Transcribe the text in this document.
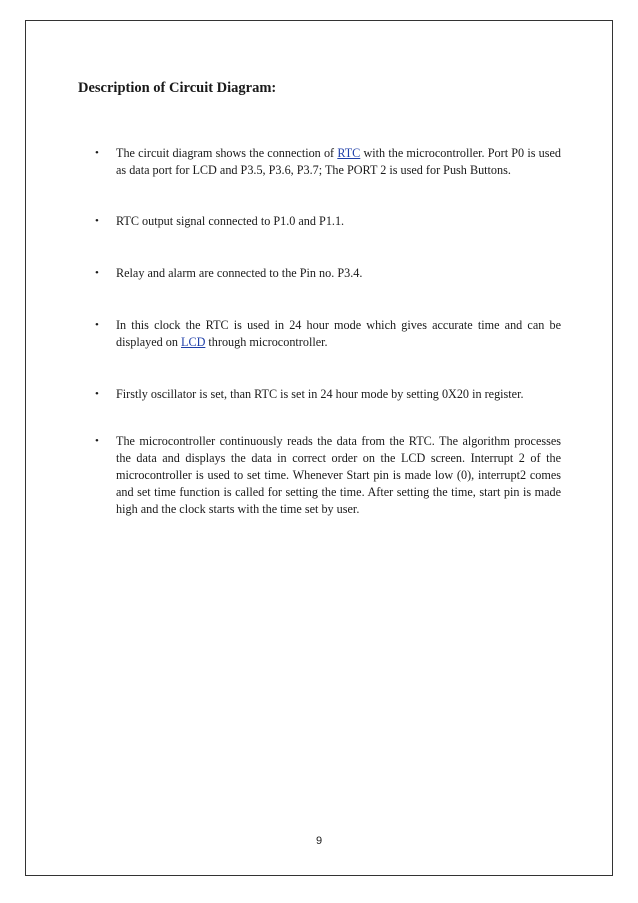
Description of Circuit Diagram:
• The circuit diagram shows the connection of RTC with the microcontroller. Port P0 is used as data port for LCD and P3.5, P3.6, P3.7; The PORT 2 is used for Push Buttons.
• RTC output signal connected to P1.0 and P1.1.
• Relay and alarm are connected to the Pin no. P3.4.
• In this clock the RTC is used in 24 hour mode which gives accurate time and can be displayed on LCD through microcontroller.
• Firstly oscillator is set, than RTC is set in 24 hour mode by setting 0X20 in register.
• The microcontroller continuously reads the data from the RTC. The algorithm processes the data and displays the data in correct order on the LCD screen. Interrupt 2 of the microcontroller is used to set time. Whenever Start pin is made low (0), interrupt2 comes and set time function is called for setting the time. After setting the time, start pin is made high and the clock starts with the time set by user.
9
